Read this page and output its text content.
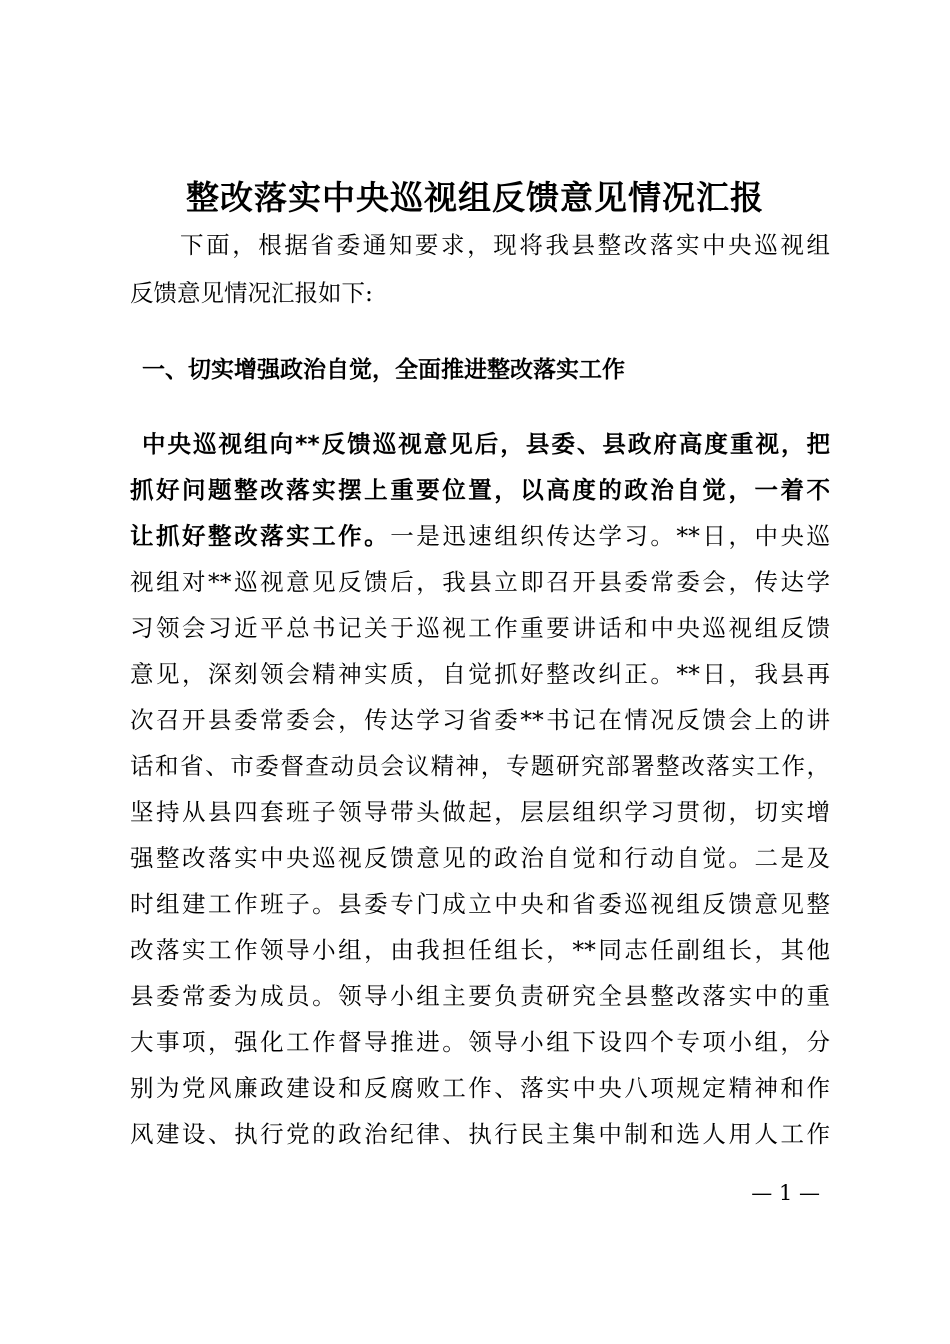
整改落实中央巡视组反馈意见情况汇报
下面，根据省委通知要求，现将我县整改落实中央巡视组
反馈意见情况汇报如下:
一、切实增强政治自觉，全面推进整改落实工作
中央巡视组向**反馈巡视意见后，县委、县政府高度重视，把
抓好问题整改落实摆上重要位置，以高度的政治自觉，一着不
让抓好整改落实工作。一是迅速组织传达学习。**日，中央巡
视组对**巡视意见反馈后，我县立即召开县委常委会，传达学
习领会习近平总书记关于巡视工作重要讲话和中央巡视组反馈
意见，深刻领会精神实质，自觉抓好整改纠正。**日，我县再
次召开县委常委会，传达学习省委**书记在情况反馈会上的讲
话和省、市委督查动员会议精神，专题研究部署整改落实工作，
坚持从县四套班子领导带头做起，层层组织学习贯彻，切实增
强整改落实中央巡视反馈意见的政治自觉和行动自觉。二是及
时组建工作班子。县委专门成立中央和省委巡视组反馈意见整
改落实工作领导小组，由我担任组长，**同志任副组长，其他
县委常委为成员。领导小组主要负责研究全县整改落实中的重
大事项，强化工作督导推进。领导小组下设四个专项小组，分
别为党风廉政建设和反腐败工作、落实中央八项规定精神和作
风建设、执行党的政治纪律、执行民主集中制和选人用人工作
— 1 —
